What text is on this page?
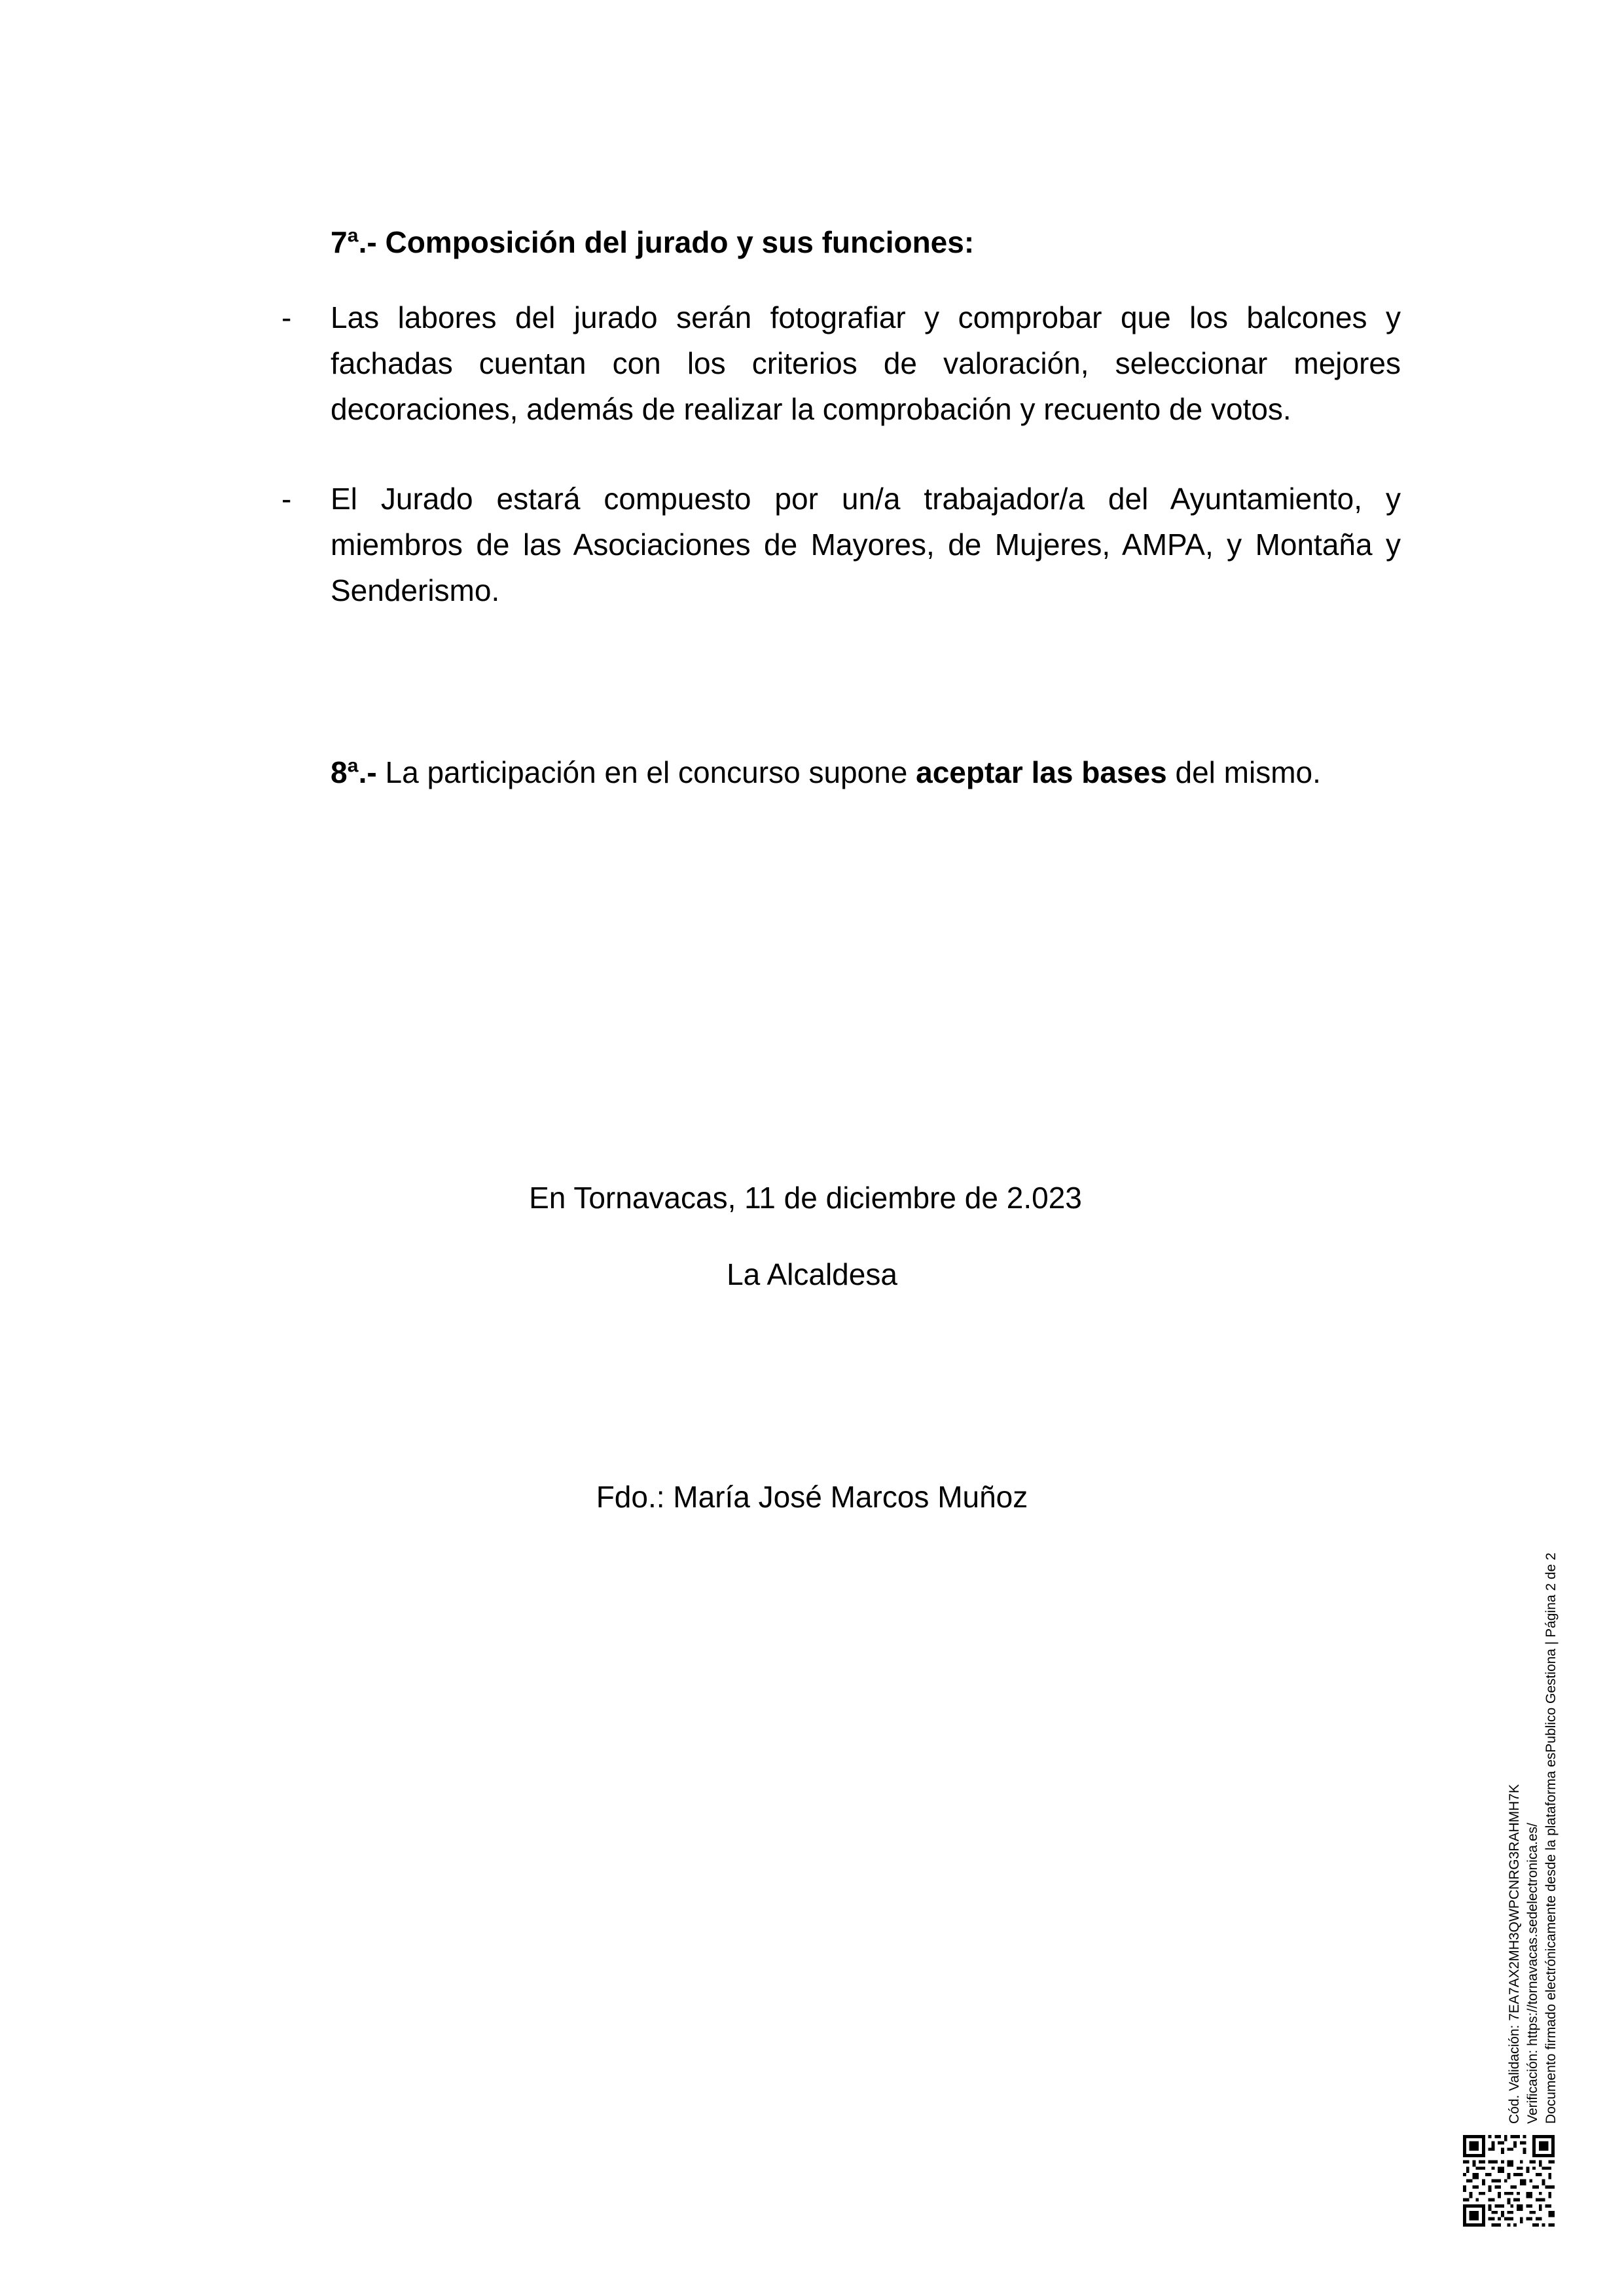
7ª.- Composición del jurado y sus funciones:
-	Las labores del jurado serán fotografiar y comprobar que los balcones y fachadas cuentan con los criterios de valoración, seleccionar mejores decoraciones, además de realizar la comprobación y recuento de votos.
-	El Jurado estará compuesto por un/a trabajador/a del Ayuntamiento, y miembros de las Asociaciones de Mayores, de Mujeres, AMPA, y Montaña y Senderismo.
8ª.- La participación en el concurso supone aceptar las bases del mismo.
En Tornavacas, 11 de diciembre de 2.023
La Alcaldesa
Fdo.: María José Marcos Muñoz
Cód. Validación: 7EA7AX2MH3QWPCNRG3RAHMH7K Verificación: https://tornavacas.sedelectronica.es/ Documento firmado electrónicamente desde la plataforma esPublico Gestiona | Página 2 de 2
